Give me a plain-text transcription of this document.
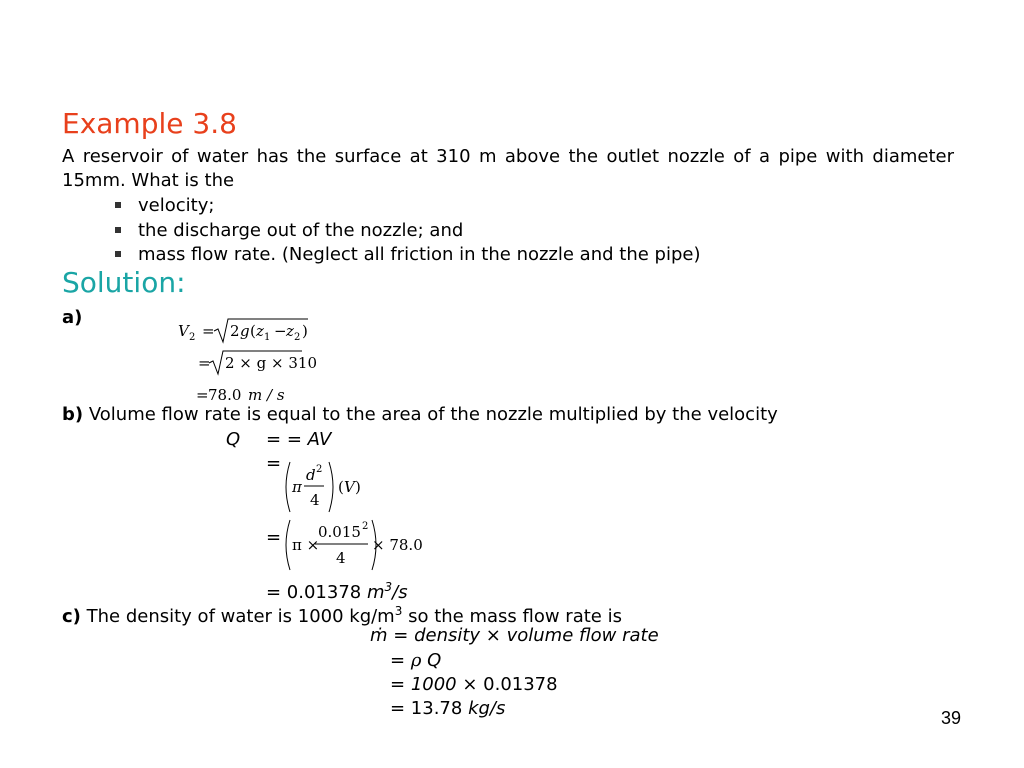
Example 3.8
A reservoir of water has the surface at 310 m above the outlet nozzle of a pipe with diameter 15mm. What is the
velocity;
the discharge out of the nozzle; and
mass flow rate. (Neglect all friction in the nozzle and the pipe)
Solution:
a)
V 2 = 2 g ( z 1 − z 2 )
= 2 × g × 310
= 78.0 m / s
b) Volume flow rate is equal to the area of the nozzle multiplied by the velocity
Q = = AV
=
π
d 2
4
( V )
= π ×
0.015 2
4
× 78.0
= 0.01378 $m^3/s$
c) The density of water is 1000 $kg/m^3$ so the mass flow rate is
ṁ = density × volume flow rate
= ρ Q
= 1000 × 0.01378
= 13.78 kg/s	39
